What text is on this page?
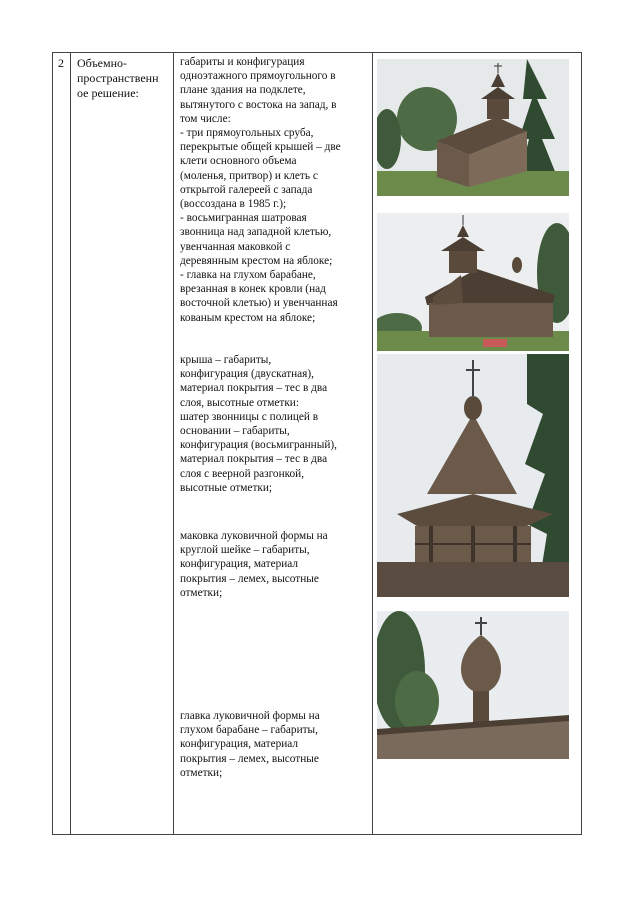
2 Объемно-
пространственн
ое решение:
габариты и конфигурация
одноэтажного прямоугольного в
плане здания на подклете,
вытянутого с востока на запад, в
том числе:
- три прямоугольных сруба,
перекрытые общей крышей – две
клети основного объема
(моленья, притвор) и клеть с
открытой галереей с запада
(воссоздана в 1985 г.);
- восьмигранная шатровая
звонница над западной клетью,
увенчанная маковкой с
деревянным крестом на яблоке;
- главка на глухом барабане,
врезанная в конек кровли (над
восточной клетью) и увенчанная
кованым крестом на яблоке;
крыша – габариты,
конфигурация (двускатная),
материал покрытия – тес в два
слоя, высотные отметки:
шатер звонницы с полицей в
основании – габариты,
конфигурация (восьмигранный),
материал покрытия – тес в два
слоя с веерной разгонкой,
высотные отметки;
маковка луковичной формы на
круглой шейке – габариты,
конфигурация, материал
покрытия – лемех, высотные
отметки;
главка луковичной формы на
глухом барабане – габариты,
конфигурация, материал
покрытия – лемех, высотные
отметки;
